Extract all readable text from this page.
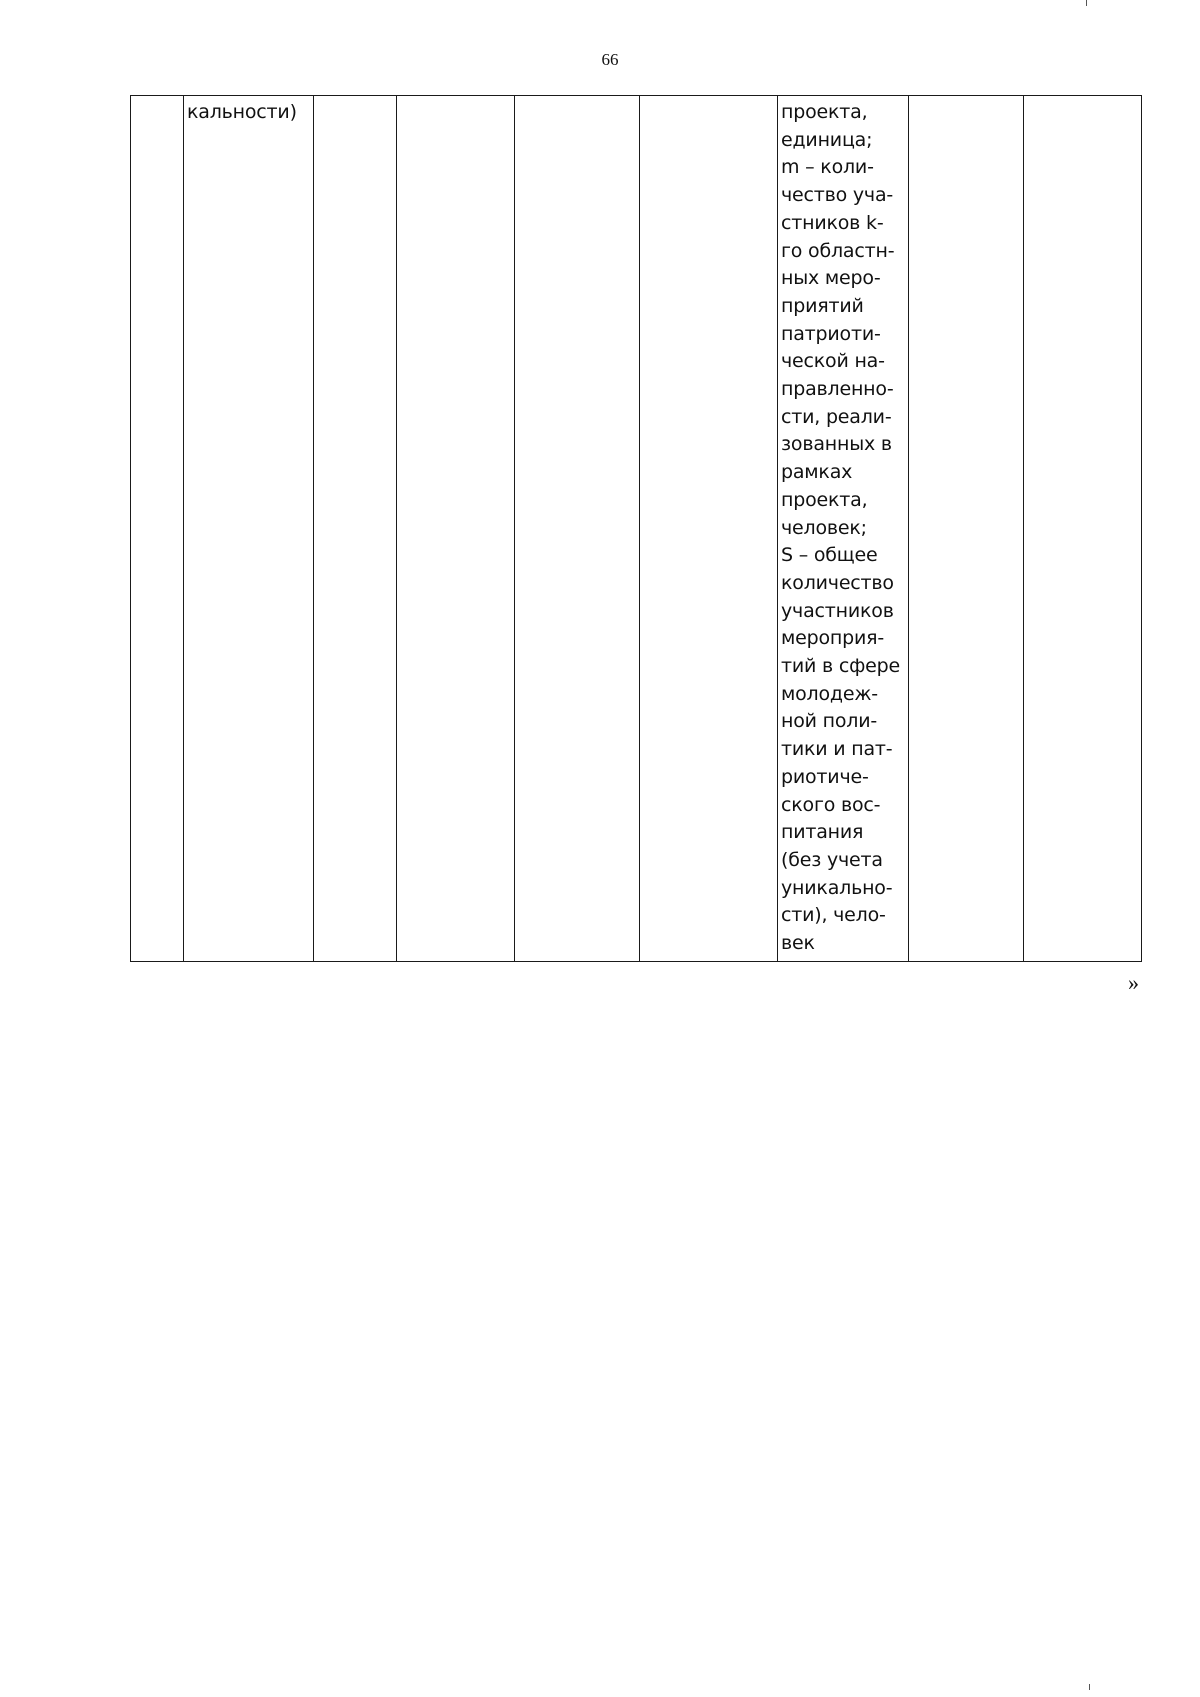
66

кальности)					проекта,
единица;
m – коли-
чество уча-
стников k-
го областн-
ных меро-
приятий
патриоти-
ческой на-
правленно-
сти, реали-
зованных в
рамках
проекта,
человек;
S – общее
количество
участников
мероприя-
тий в сфере
молодеж-
ной поли-
тики и пат-
риотиче-
ского вос-
питания
(без учета
уникально-
сти), чело-
век

»
